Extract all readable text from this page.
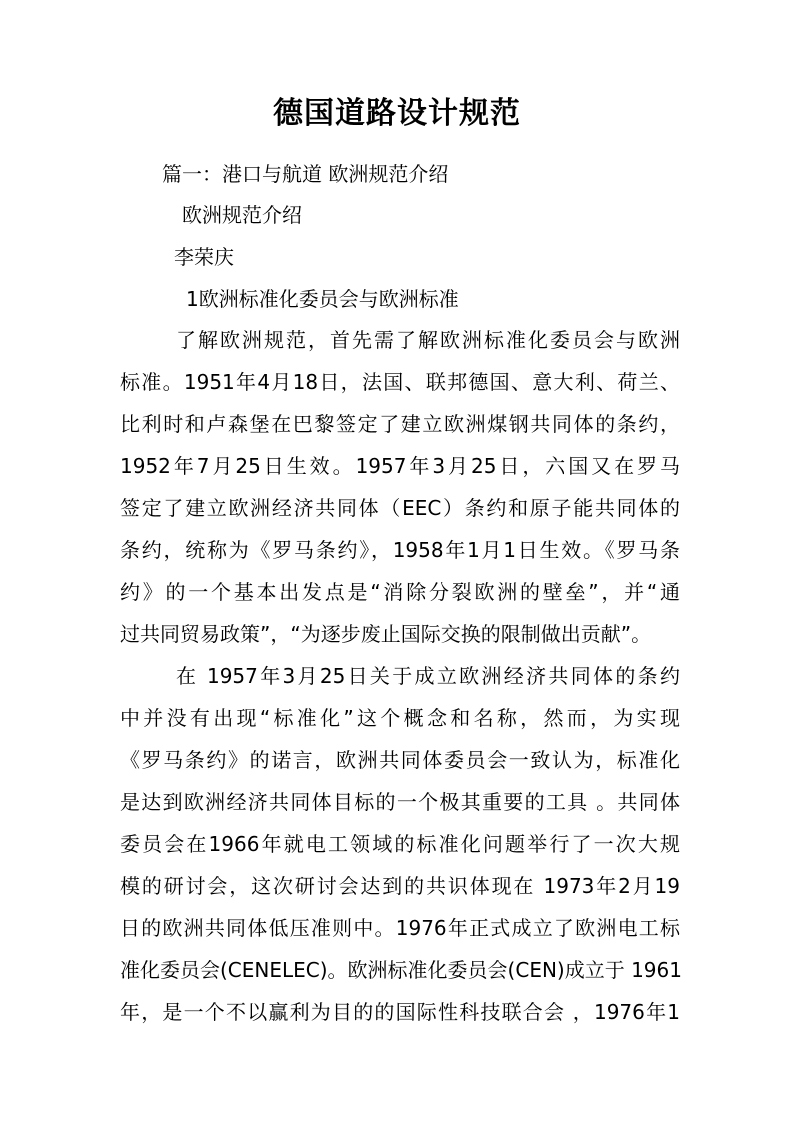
德国道路设计规范
篇一：港口与航道 欧洲规范介绍
欧洲规范介绍
李荣庆
1欧洲标准化委员会与欧洲标准
了解欧洲规范，首先需了解欧洲标准化委员会与欧洲
标准。1951年4月18日，法国、联邦德国、意大利、荷兰、
比利时和卢森堡在巴黎签定了建立欧洲煤钢共同体的条约，
1952年7月25日生效。1957年3月25日，六国又在罗马
签定了建立欧洲经济共同体（EEC）条约和原子能共同体的
条约，统称为《罗马条约》，1958年1月1日生效。《罗马条
约》的一个基本出发点是“消除分裂欧洲的壁垒”，并“通
过共同贸易政策”，“为逐步废止国际交换的限制做出贡献”。
在 1957年3月25日关于成立欧洲经济共同体的条约
中并没有出现“标准化”这个概念和名称，然而，为实现
《罗马条约》的诺言，欧洲共同体委员会一致认为，标准化
是达到欧洲经济共同体目标的一个极其重要的工具 。共同体
委员会在1966年就电工领域的标准化问题举行了一次大规
模的研讨会，这次研讨会达到的共识体现在 1973年2月19
日的欧洲共同体低压准则中。1976年正式成立了欧洲电工标
准化委员会(CENELEC)。欧洲标准化委员会(CEN)成立于 1961
年，是一个不以赢利为目的的国际性科技联合会 ，1976年1
